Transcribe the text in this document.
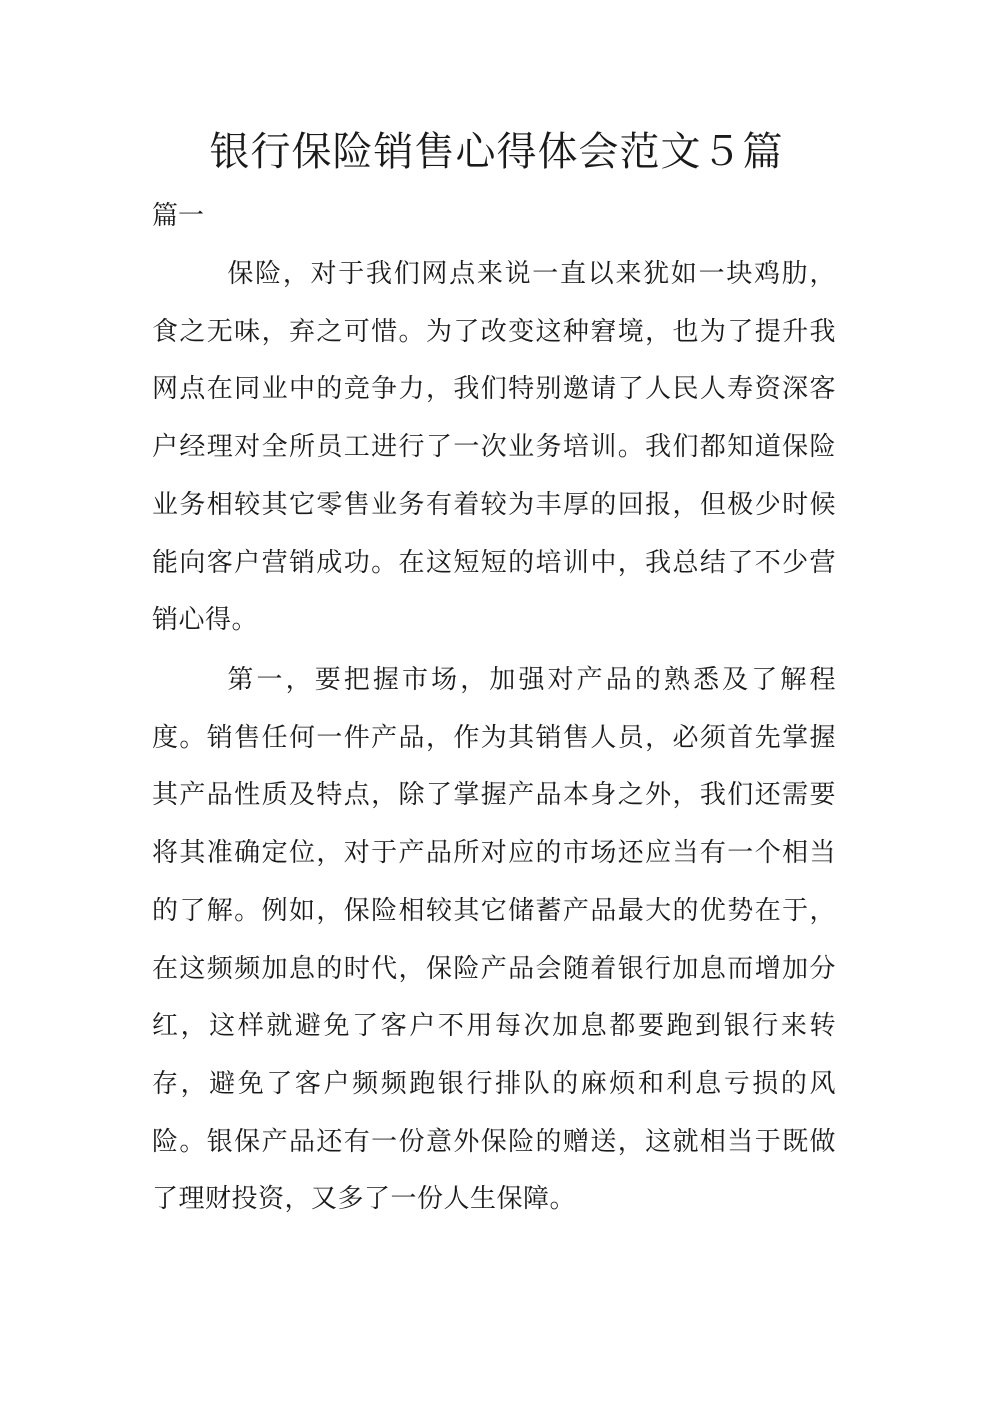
银行保险销售心得体会范文５篇

篇一

保险，对于我们网点来说一直以来犹如一块鸡肋，食之无味，弃之可惜。为了改变这种窘境，也为了提升我网点在同业中的竞争力，我们特别邀请了人民人寿资深客户经理对全所员工进行了一次业务培训。我们都知道保险业务相较其它零售业务有着较为丰厚的回报，但极少时候能向客户营销成功。在这短短的培训中，我总结了不少营销心得。

第一，要把握市场，加强对产品的熟悉及了解程度。销售任何一件产品，作为其销售人员，必须首先掌握其产品性质及特点，除了掌握产品本身之外，我们还需要将其准确定位，对于产品所对应的市场还应当有一个相当的了解。例如，保险相较其它储蓄产品最大的优势在于，在这频频加息的时代，保险产品会随着银行加息而增加分红，这样就避免了客户不用每次加息都要跑到银行来转存，避免了客户频频跑银行排队的麻烦和利息亏损的风险。银保产品还有一份意外保险的赠送，这就相当于既做了理财投资，又多了一份人生保障。
